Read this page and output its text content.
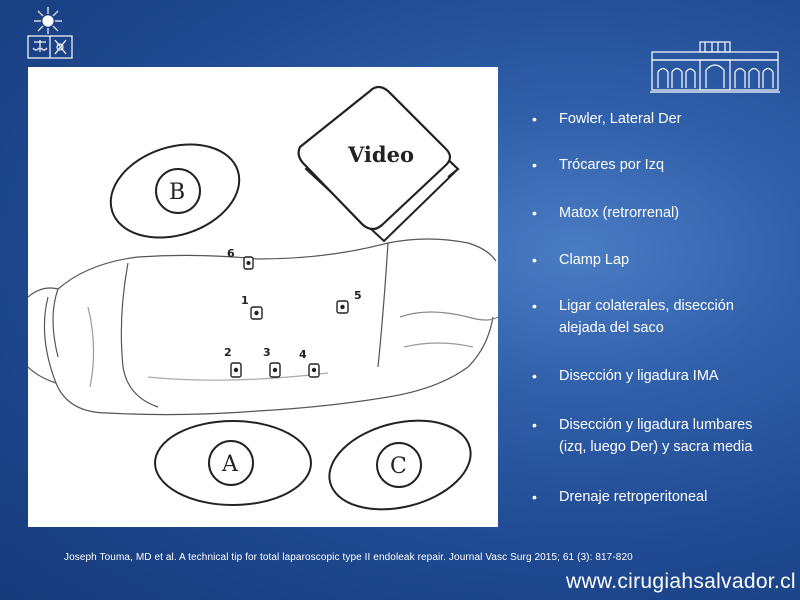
Video
B
6
1	5
2	3	4
A	C
• Fowler, Lateral Der
• Trócares por Izq
• Matox (retrorrenal)
• Clamp Lap
• Ligar colaterales, disección
alejada del saco
• Disección y ligadura IMA
• Disección y ligadura lumbares
(izq, luego Der) y sacra media
• Drenaje retroperitoneal
Joseph Touma, MD et al. A technical tip for total laparoscopic type II endoleak repair. Journal Vasc Surg 2015; 61 (3): 817-820
www.cirugiahsalvador.cl
